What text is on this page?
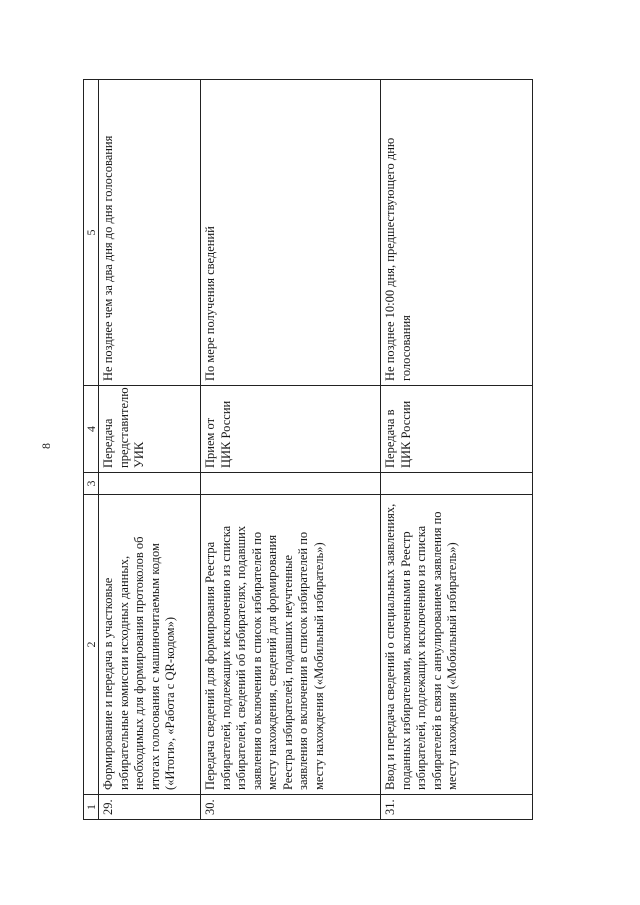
8
1	2	3	4	5
29.	Формирование и передача в участковые избирательные комиссии исходных данных, необходимых для формирования протоколов об итогах голосования с машиночитаемым кодом («Итоги», «Работа с QR-кодом»)		Передача представителю УИК	Не позднее чем за два дня до дня голосования
30.	Передача сведений для формирования Реестра избирателей, подлежащих исключению из списка избирателей, сведений об избирателях, подавших заявления о включении в список избирателей по месту нахождения, сведений для формирования Реестра избирателей, подавших неучтенные заявления о включении в список избирателей по месту нахождения («Мобильный избиратель»)		Прием от ЦИК России	По мере получения сведений
31.	Ввод и передача сведений о специальных заявлениях, поданных избирателями, включенными в Реестр избирателей, подлежащих исключению из списка избирателей в связи с аннулированием заявления по месту нахождения («Мобильный избиратель»)		Передача в ЦИК России	Не позднее 10:00 дня, предшествующего дню голосования
